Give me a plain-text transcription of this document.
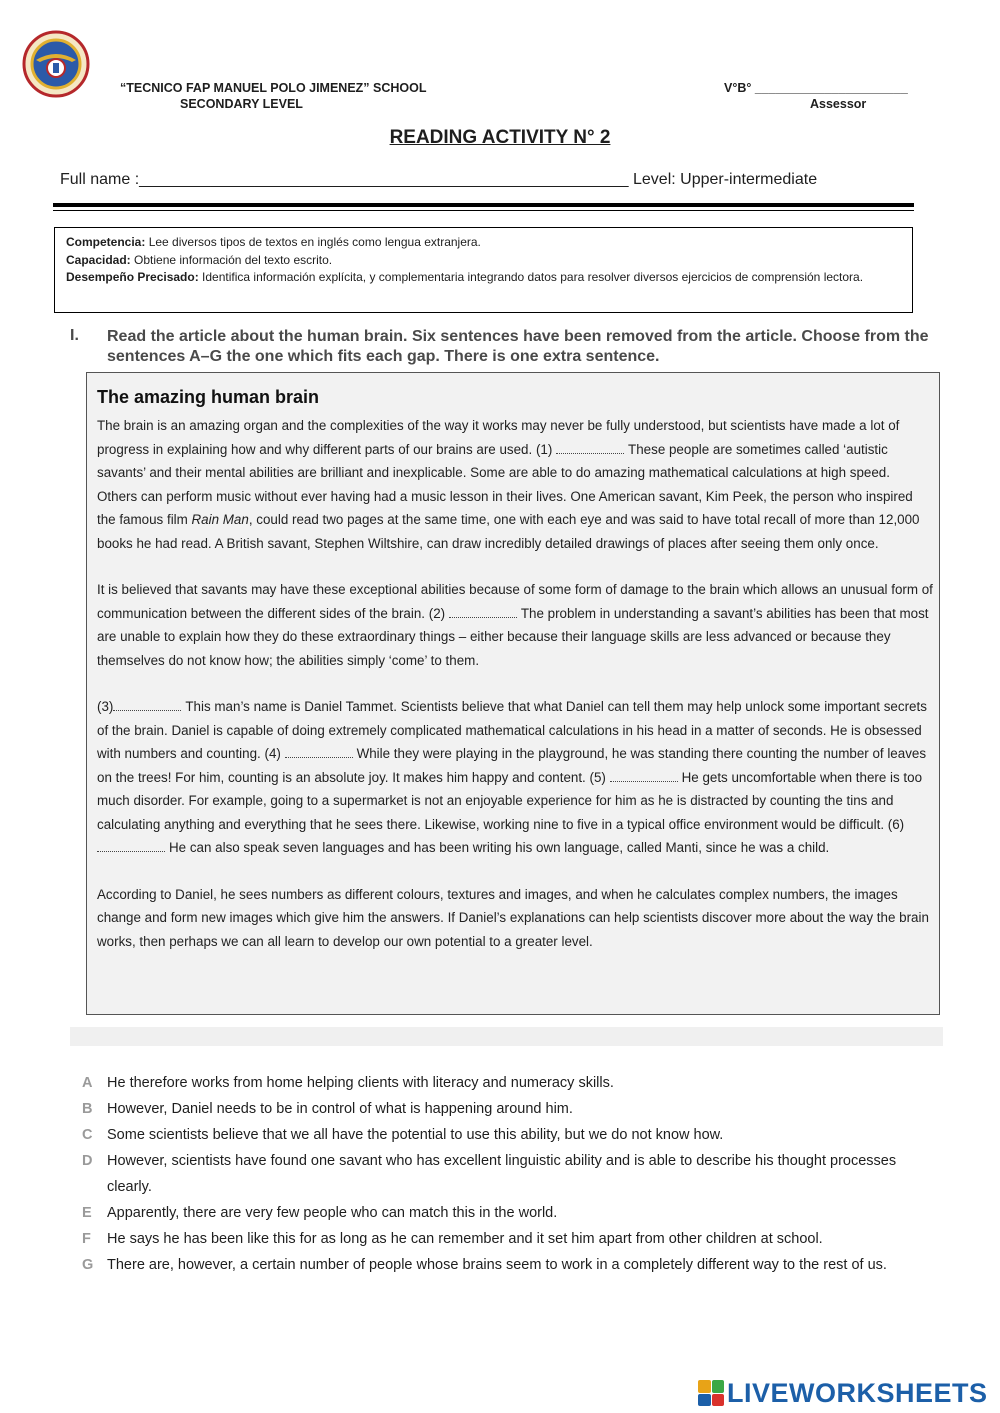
“TECNICO FAP MANUEL POLO JIMENEZ” SCHOOL
SECONDARY LEVEL
V°B° ______________________
Assessor
READING ACTIVITY N° 2
Full name :_______________________________________________________ Level: Upper-intermediate

Competencia: Lee diversos tipos de textos en inglés como lengua extranjera.

Capacidad: Obtiene información del texto escrito.

Desempeño Precisado: Identifica información explícita, y complementaria integrando datos para resolver diversos ejercicios de comprensión lectora.

I. Read the article about the human brain. Six sentences have been removed from the article. Choose from the sentences A–G the one which fits each gap. There is one extra sentence.
The amazing human brain

The brain is an amazing organ and the complexities of the way it works may never be fully understood, but scientists have made a lot of progress in explaining how and why different parts of our brains are used. (1)	These people are sometimes called ‘autistic savants’ and their mental abilities are brilliant and inexplicable. Some are able to do amazing mathematical calculations at high speed. Others can perform music without ever having had a music lesson in their lives. One American savant, Kim Peek, the person who inspired the famous film Rain Man, could read two pages at the same time, one with each eye and was said to have total recall of more than 12,000 books he had read. A British savant, Stephen Wiltshire, can draw incredibly detailed drawings of places after seeing them only once.

It is believed that savants may have these exceptional abilities because of some form of damage to the brain which allows an unusual form of communication between the different sides of the brain. (2)	The problem in understanding a savant’s abilities has been that most are unable to explain how they do these extraordinary things – either because their language skills are less advanced or because they themselves do not know how; the abilities simply ‘come’ to them.

(3)	This man’s name is Daniel Tammet. Scientists believe that what Daniel can tell them may help unlock some important secrets of the brain. Daniel is capable of doing extremely complicated mathematical calculations in his head in a matter of seconds. He is obsessed with numbers and counting. (4)	While they were playing in the playground, he was standing there counting the number of leaves on the trees! For him, counting is an absolute joy. It makes him happy and content. (5)	He gets uncomfortable when there is too much disorder. For example, going to a supermarket is not an enjoyable experience for him as he is distracted by counting the tins and calculating anything and everything that he sees there. Likewise, working nine to five in a typical office environment would be difficult. (6) He can also speak seven languages and has been writing his own language, called Manti, since he was a child.

According to Daniel, he sees numbers as different colours, textures and images, and when he calculates complex numbers, the images change and form new images which give him the answers. If Daniel’s explanations can help scientists discover more about the way the brain works, then perhaps we can all learn to develop our own potential to a greater level.

A	He therefore works from home helping clients with literacy and numeracy skills.
B	However, Daniel needs to be in control of what is happening around him.
C	Some scientists believe that we all have the potential to use this ability, but we do not know how.
D	However, scientists have found one savant who has excellent linguistic ability and is able to describe his thought processes clearly.
E	Apparently, there are very few people who can match this in the world.
F	He says he has been like this for as long as he can remember and it set him apart from other children at school.
G There are, however, a certain number of people whose brains seem to work in a completely different way to the rest of us.
LIVEWORKSHEETS
